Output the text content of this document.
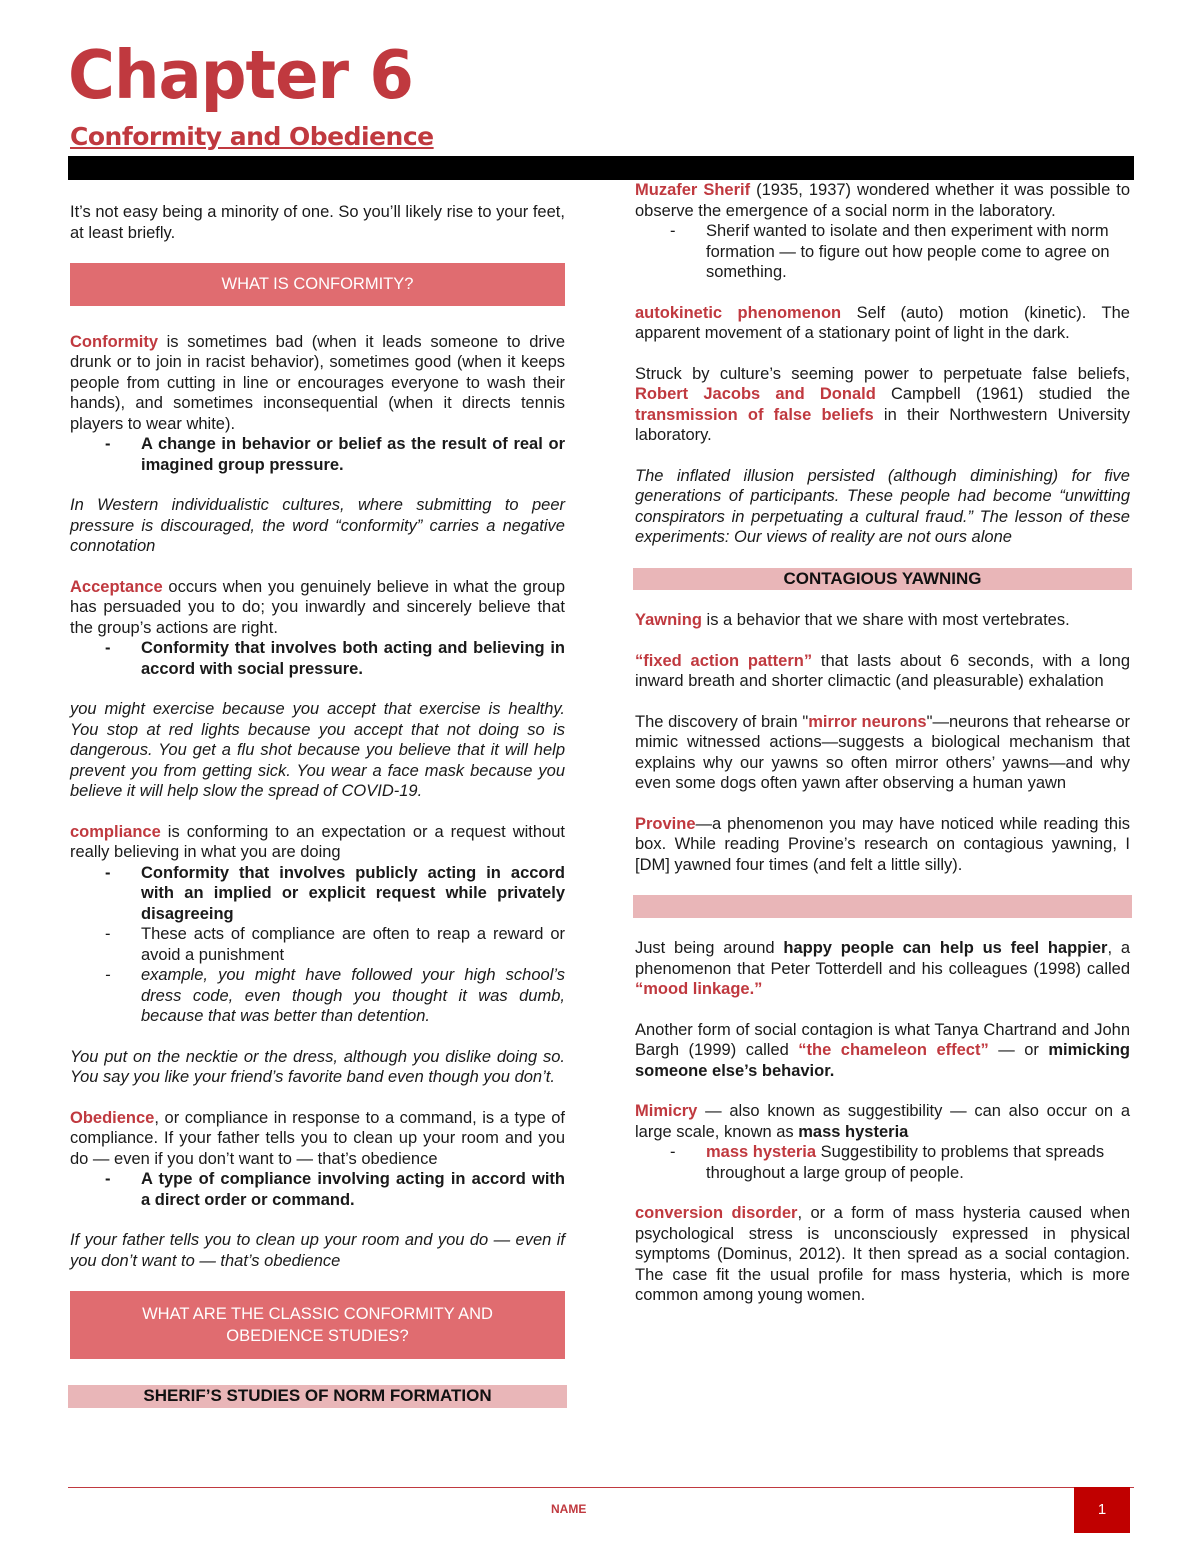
Chapter 6
Conformity and Obedience

It’s not easy being a minority of one. So you’ll likely rise to your feet, at least briefly.

WHAT IS CONFORMITY?

Conformity is sometimes bad (when it leads someone to drive drunk or to join in racist behavior), sometimes good (when it keeps people from cutting in line or encourages everyone to wash their hands), and sometimes inconsequential (when it directs tennis players to wear white).

- A change in behavior or belief as the result of real or imagined group pressure.

In Western individualistic cultures, where submitting to peer pressure is discouraged, the word “conformity” carries a negative connotation

Acceptance occurs when you genuinely believe in what the group has persuaded you to do; you inwardly and sincerely believe that the group’s actions are right.

- Conformity that involves both acting and believing in accord with social pressure.

you might exercise because you accept that exercise is healthy. You stop at red lights because you accept that not doing so is dangerous. You get a flu shot because you believe that it will help prevent you from getting sick. You wear a face mask because you believe it will help slow the spread of COVID-19.

compliance is conforming to an expectation or a request without really believing in what you are doing

- Conformity that involves publicly acting in accord with an implied or explicit request while privately disagreeing
- These acts of compliance are often to reap a reward or avoid a punishment
- example, you might have followed your high school’s dress code, even though you thought it was dumb, because that was better than detention.

You put on the necktie or the dress, although you dislike doing so. You say you like your friend’s favorite band even though you don’t.

Obedience, or compliance in response to a command, is a type of compliance. If your father tells you to clean up your room and you do — even if you don’t want to — that’s obedience

- A type of compliance involving acting in accord with a direct order or command.

If your father tells you to clean up your room and you do — even if you don’t want to — that’s obedience

WHAT ARE THE CLASSIC CONFORMITY AND OBEDIENCE STUDIES?
SHERIF’S STUDIES OF NORM FORMATION

Muzafer Sherif (1935, 1937) wondered whether it was possible to observe the emergence of a social norm in the laboratory.

- Sherif wanted to isolate and then experiment with norm formation — to figure out how people come to agree on something.

autokinetic phenomenon Self (auto) motion (kinetic). The apparent movement of a stationary point of light in the dark.

Struck by culture’s seeming power to perpetuate false beliefs, Robert Jacobs and Donald Campbell (1961) studied the transmission of false beliefs in their Northwestern University laboratory.

The inflated illusion persisted (although diminishing) for five generations of participants. These people had become “unwitting conspirators in perpetuating a cultural fraud.” The lesson of these experiments: Our views of reality are not ours alone

CONTAGIOUS YAWNING

Yawning is a behavior that we share with most vertebrates.

“fixed action pattern” that lasts about 6 seconds, with a long inward breath and shorter climactic (and pleasurable) exhalation

The discovery of brain "mirror neurons"—neurons that rehearse or mimic witnessed actions—suggests a biological mechanism that explains why our yawns so often mirror others’ yawns—and why even some dogs often yawn after observing a human yawn

Provine—a phenomenon you may have noticed while reading this box. While reading Provine’s research on contagious yawning, I [DM] yawned four times (and felt a little silly).

Just being around happy people can help us feel happier, a phenomenon that Peter Totterdell and his colleagues (1998) called “mood linkage.”

Another form of social contagion is what Tanya Chartrand and John Bargh (1999) called “the chameleon effect” — or mimicking someone else’s behavior.

Mimicry — also known as suggestibility — can also occur on a large scale, known as mass hysteria

- mass hysteria Suggestibility to problems that spreads throughout a large group of people.

conversion disorder, or a form of mass hysteria caused when psychological stress is unconsciously expressed in physical symptoms (Dominus, 2012). It then spread as a social contagion. The case fit the usual profile for mass hysteria, which is more common among young women.

NAME	1
